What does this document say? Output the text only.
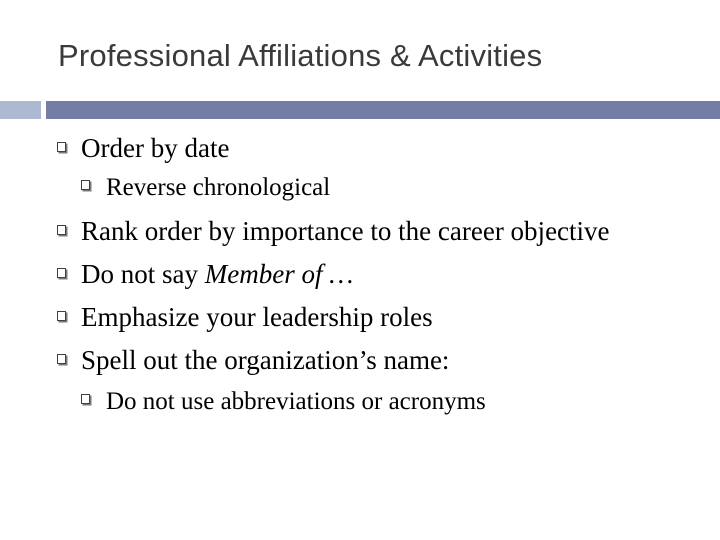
Professional Affiliations & Activities
Order by date
Reverse chronological
Rank order by importance to the career objective
Do not say Member of …
Emphasize your leadership roles
Spell out the organization’s name:
Do not use abbreviations or acronyms
